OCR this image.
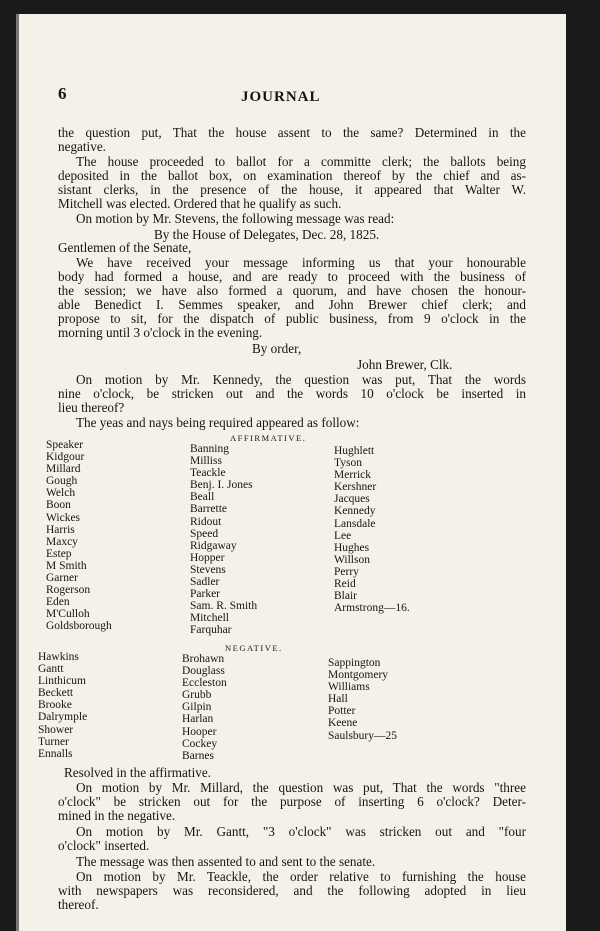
6	JOURNAL
the question put, That the house assent to the same? Determined in the
negative.
The house proceeded to ballot for a committe clerk; the ballots being
deposited in the ballot box, on examination thereof by the chief and as-
sistant clerks, in the presence of the house, it appeared that Walter W.
Mitchell was elected. Ordered that he qualify as such.
On motion by Mr. Stevens, the following message was read:
By the House of Delegates, Dec. 28, 1825.
Gentlemen of the Senate,
We have received your message informing us that your honourable
body had formed a house, and are ready to proceed with the business of
the session; we have also formed a quorum, and have chosen the honour-
able Benedict I. Semmes speaker, and John Brewer chief clerk; and
propose to sit, for the dispatch of public business, from 9 o'clock in the
morning until 3 o'clock in the evening.
By order,
John Brewer, Clk.
On motion by Mr. Kennedy, the question was put, That the words
nine o'clock, be stricken out and the words 10 o'clock be inserted in
lieu thereof?
The yeas and nays being required appeared as follow:
AFFIRMATIVE.
Speaker
Kidgour
Millard
Gough
Welch
Boon
Wickes
Harris
Maxcy
Estep
M Smith
Garner
Rogerson
Eden
M'Culloh
Goldsborough
Banning
Milliss
Teackle
Benj. I. Jones
Beall
Barrette
Ridout
Speed
Ridgaway
Hopper
Stevens
Sadler
Parker
Sam. R. Smith
Mitchell
Farquhar
Hughlett
Tyson
Merrick
Kershner
Jacques
Kennedy
Lansdale
Lee
Hughes
Willson
Perry
Reid
Blair
Armstrong—16.
NEGATIVE.
Hawkins
Gantt
Linthicum
Beckett
Brooke
Dalrymple
Shower
Turner
Ennalls
Brohawn
Douglass
Eccleston
Grubb
Gilpin
Harlan
Hooper
Cockey
Barnes
Sappington
Montgomery
Williams
Hall
Potter
Keene
Saulsbury—25
Resolved in the affirmative.
On motion by Mr. Millard, the question was put, That the words "three
o'clock" be stricken out for the purpose of inserting 6 o'clock? Deter-
mined in the negative.
On motion by Mr. Gantt, "3 o'clock" was stricken out and "four
o'clock" inserted.
The message was then assented to and sent to the senate.
On motion by Mr. Teackle, the order relative to furnishing the house
with newspapers was reconsidered, and the following adopted in lieu
thereof.
